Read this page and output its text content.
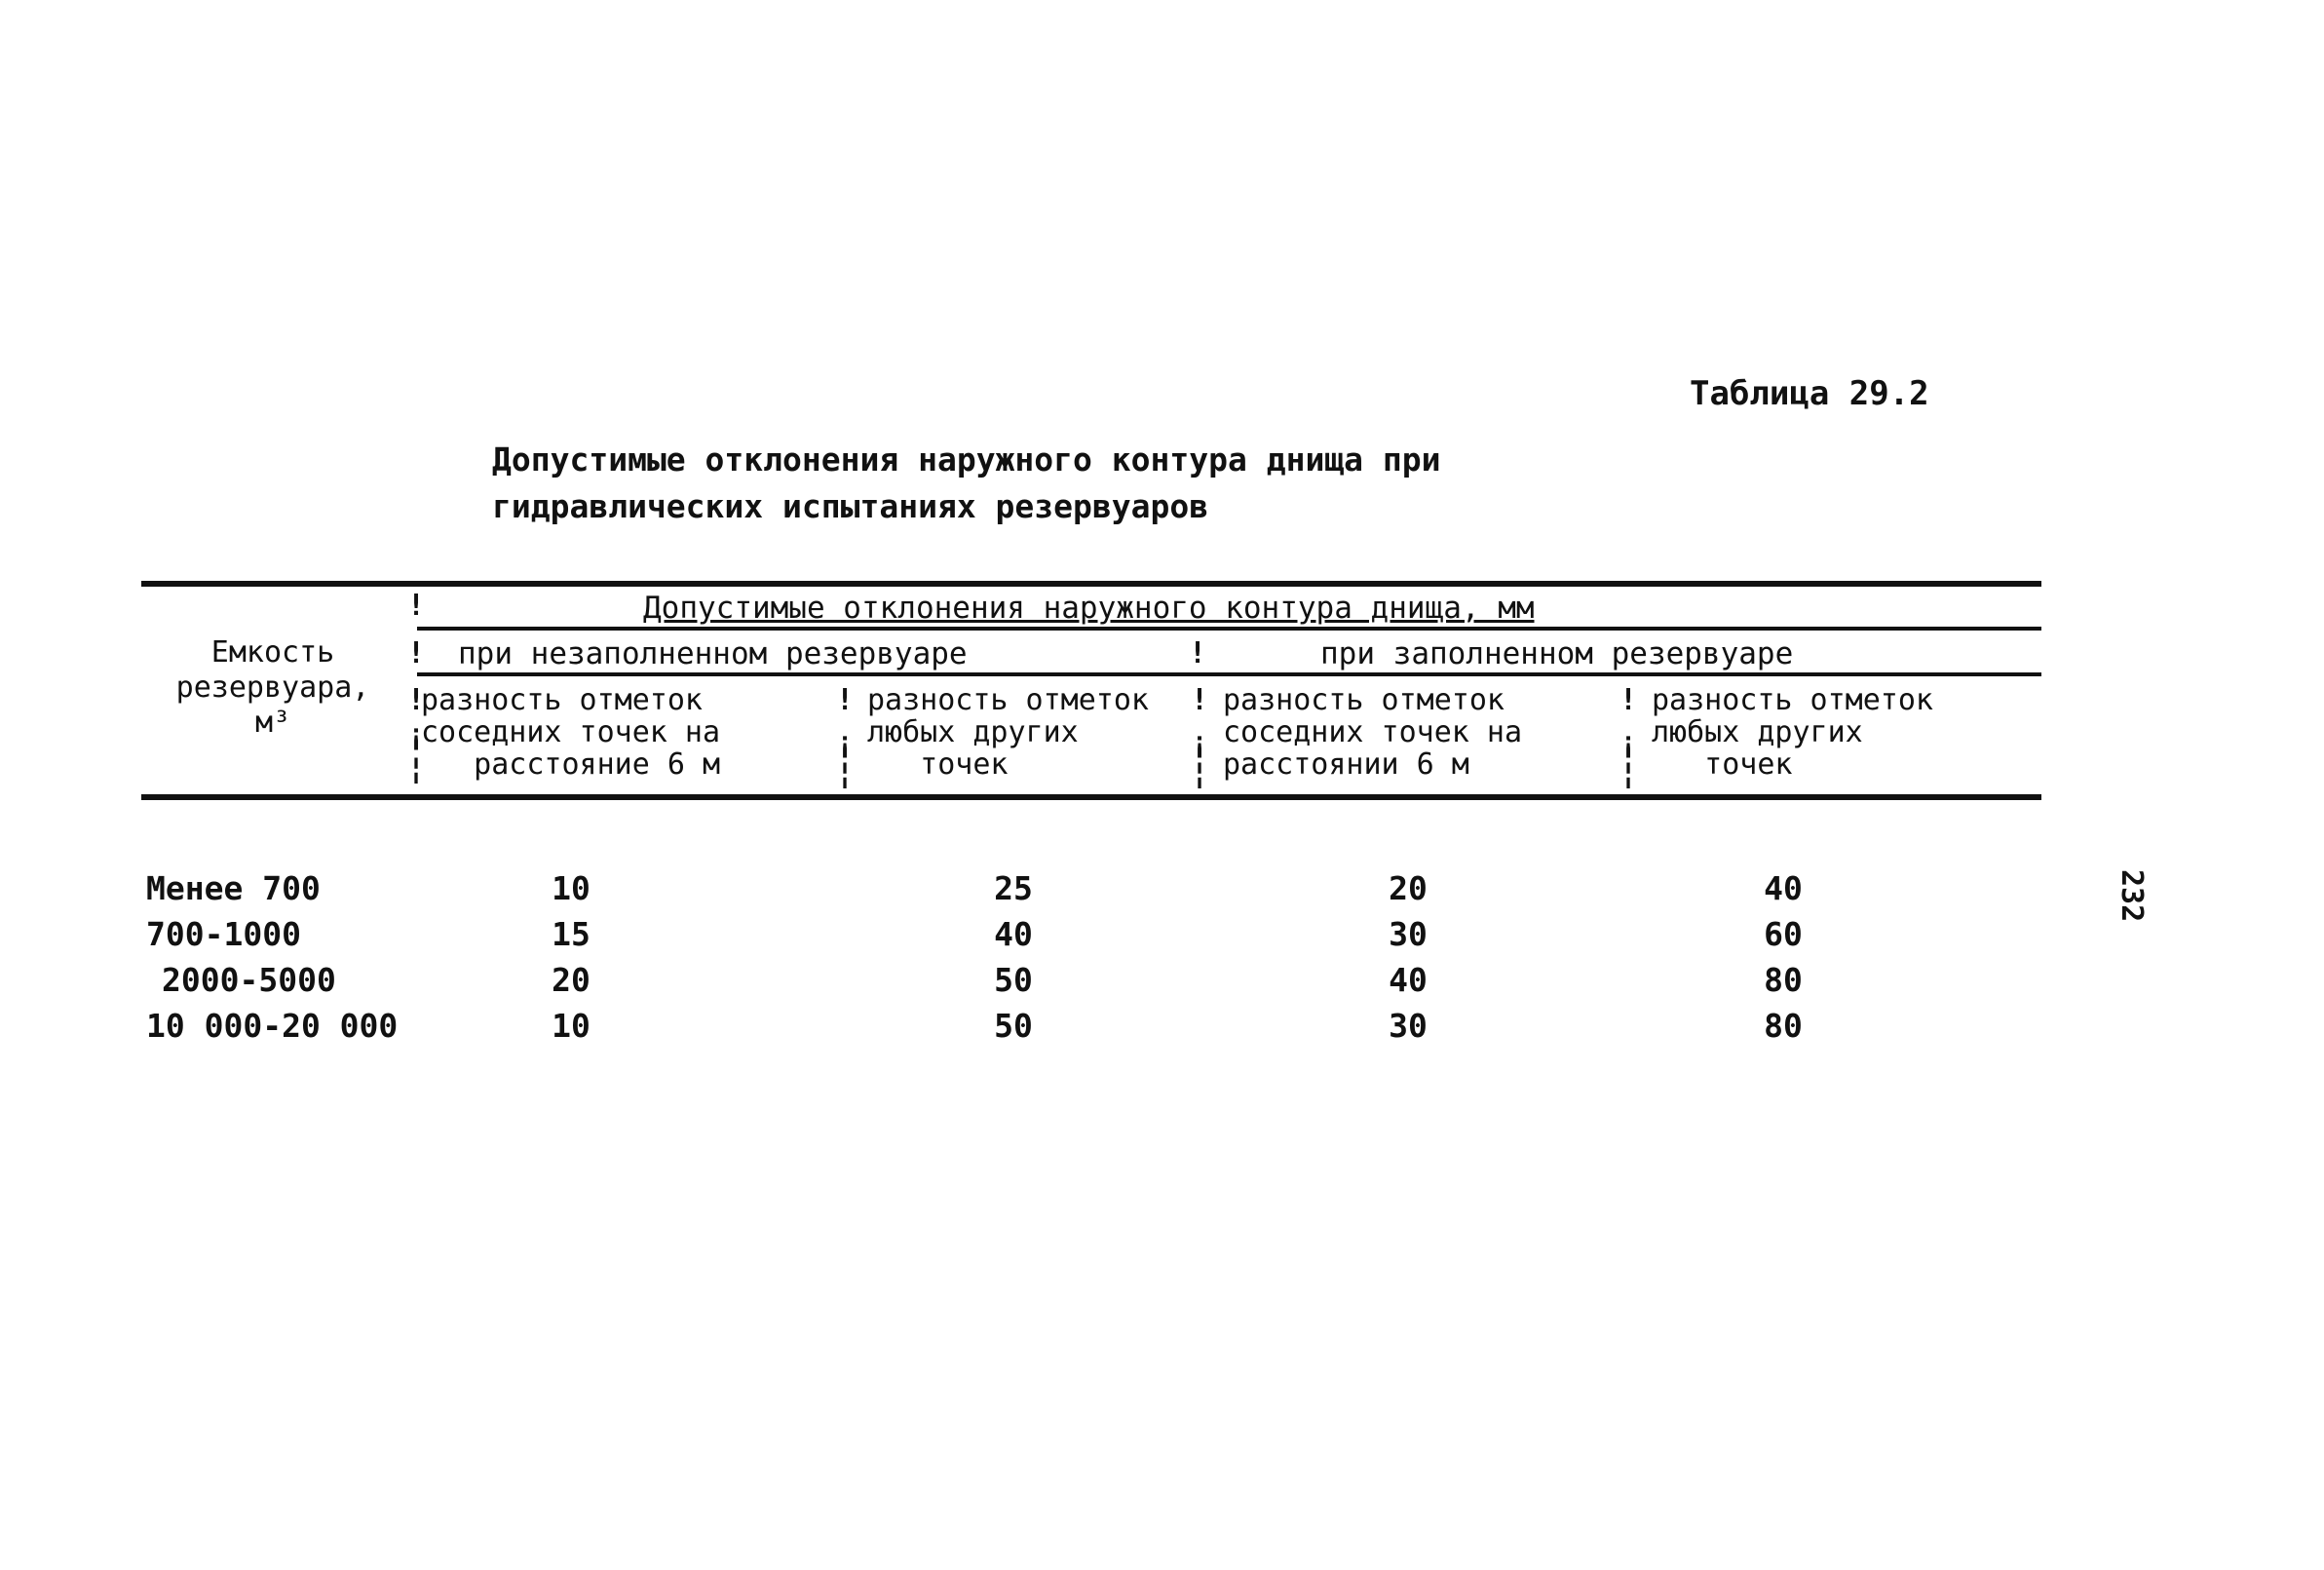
Таблица 29.2
Допустимые отклонения наружного контура днища при
гидравлических испытаниях резервуаров
!
!	!
!
¡
¦
!
¡
¦
!
¡
¦
!
¡
¦
Емкость резервуара, м³
Допустимые отклонения наружного контура днища, мм
при незаполненном резервуаре	при заполненном резервуаре
разность отметок
соседних точек на
расстояние 6 м
разность отметок
любых других
точек
разность отметок
соседних точек на
расстоянии 6 м
разность отметок
любых других
точек
Менее 700	10	25	20	40
700-1000	15	40	30	60
2000-5000	20	50	40	80
10 000-20 000	10	50	30	80
232
